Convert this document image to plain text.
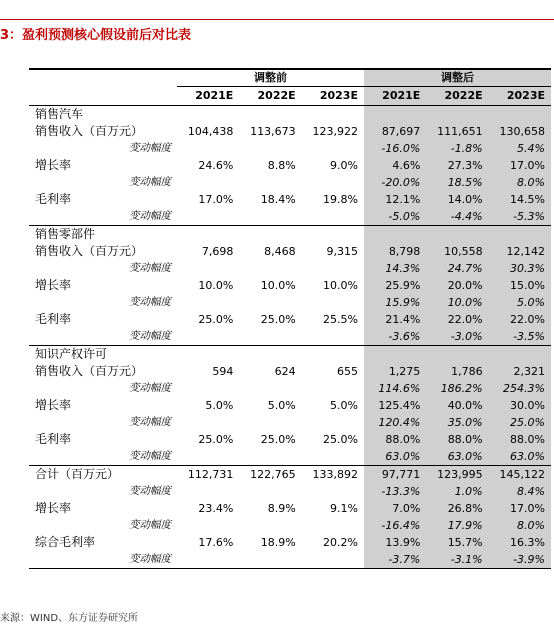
3：盈利预测核心假设前后对比表
	调整前			调整后		
	2021E	2022E	2023E	2021E	2022E	2023E
销售汽车						
销售收入（百万元）	104,438	113,673	123,922	87,697	111,651	130,658
变动幅度				-16.0%	-1.8%	5.4%
增长率	24.6%	8.8%	9.0%	4.6%	27.3%	17.0%
变动幅度				-20.0%	18.5%	8.0%
毛利率	17.0%	18.4%	19.8%	12.1%	14.0%	14.5%
变动幅度				-5.0%	-4.4%	-5.3%
销售零部件						
销售收入（百万元）	7,698	8,468	9,315	8,798	10,558	12,142
变动幅度				14.3%	24.7%	30.3%
增长率	10.0%	10.0%	10.0%	25.9%	20.0%	15.0%
变动幅度				15.9%	10.0%	5.0%
毛利率	25.0%	25.0%	25.5%	21.4%	22.0%	22.0%
变动幅度				-3.6%	-3.0%	-3.5%
知识产权许可						
销售收入（百万元）	594	624	655	1,275	1,786	2,321
变动幅度				114.6%	186.2%	254.3%
增长率	5.0%	5.0%	5.0%	125.4%	40.0%	30.0%
变动幅度				120.4%	35.0%	25.0%
毛利率	25.0%	25.0%	25.0%	88.0%	88.0%	88.0%
变动幅度				63.0%	63.0%	63.0%
合计（百万元）	112,731	122,765	133,892	97,771	123,995	145,122
变动幅度				-13.3%	1.0%	8.4%
增长率	23.4%	8.9%	9.1%	7.0%	26.8%	17.0%
变动幅度				-16.4%	17.9%	8.0%
综合毛利率	17.6%	18.9%	20.2%	13.9%	15.7%	16.3%
变动幅度				-3.7%	-3.1%	-3.9%
来源：WIND、东方证券研究所
